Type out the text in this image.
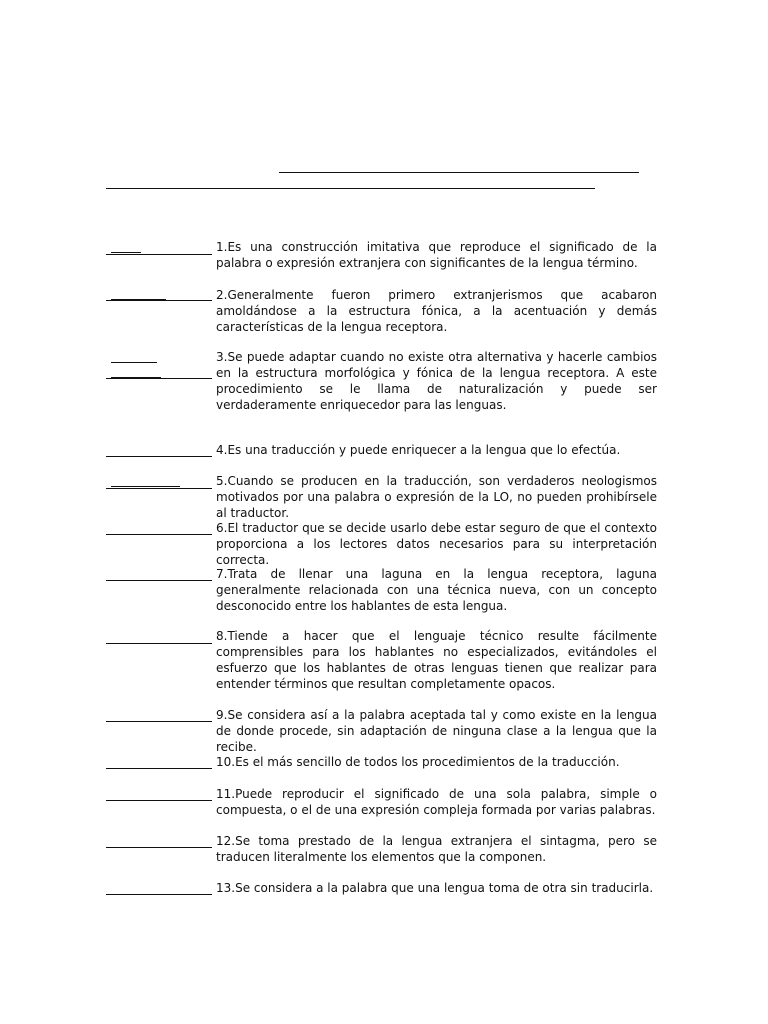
1.Es una construcción imitativa que reproduce el significado de la palabra o expresión extranjera con significantes de la lengua término.

2.Generalmente fueron primero extranjerismos que acabaron amoldándose a la estructura fónica, a la acentuación y demás características de la lengua receptora.

3.Se puede adaptar cuando no existe otra alternativa y hacerle cambios en la estructura morfológica y fónica de la lengua receptora. A este procedimiento se le llama de naturalización y puede ser verdaderamente enriquecedor para las lenguas.

4.Es una traducción y puede enriquecer a la lengua que lo efectúa.

5.Cuando se producen en la traducción, son verdaderos neologismos motivados por una palabra o expresión de la LO, no pueden prohibírsele al traductor.

6.El traductor que se decide usarlo debe estar seguro de que el contexto proporciona a los lectores datos necesarios para su interpretación correcta.

7.Trata de llenar una laguna en la lengua receptora, laguna generalmente relacionada con una técnica nueva, con un concepto desconocido entre los hablantes de esta lengua.

8.Tiende a hacer que el lenguaje técnico resulte fácilmente comprensibles para los hablantes no especializados, evitándoles el esfuerzo que los hablantes de otras lenguas tienen que realizar para entender términos que resultan completamente opacos.

9.Se considera así a la palabra aceptada tal y como existe en la lengua de donde procede, sin adaptación de ninguna clase a la lengua que la recibe.

10.Es el más sencillo de todos los procedimientos de la traducción.

11.Puede reproducir el significado de una sola palabra, simple o compuesta, o el de una expresión compleja formada por varias palabras.

12.Se toma prestado de la lengua extranjera el sintagma, pero se traducen literalmente los elementos que la componen.

13.Se considera a la palabra que una lengua toma de otra sin traducirla.
